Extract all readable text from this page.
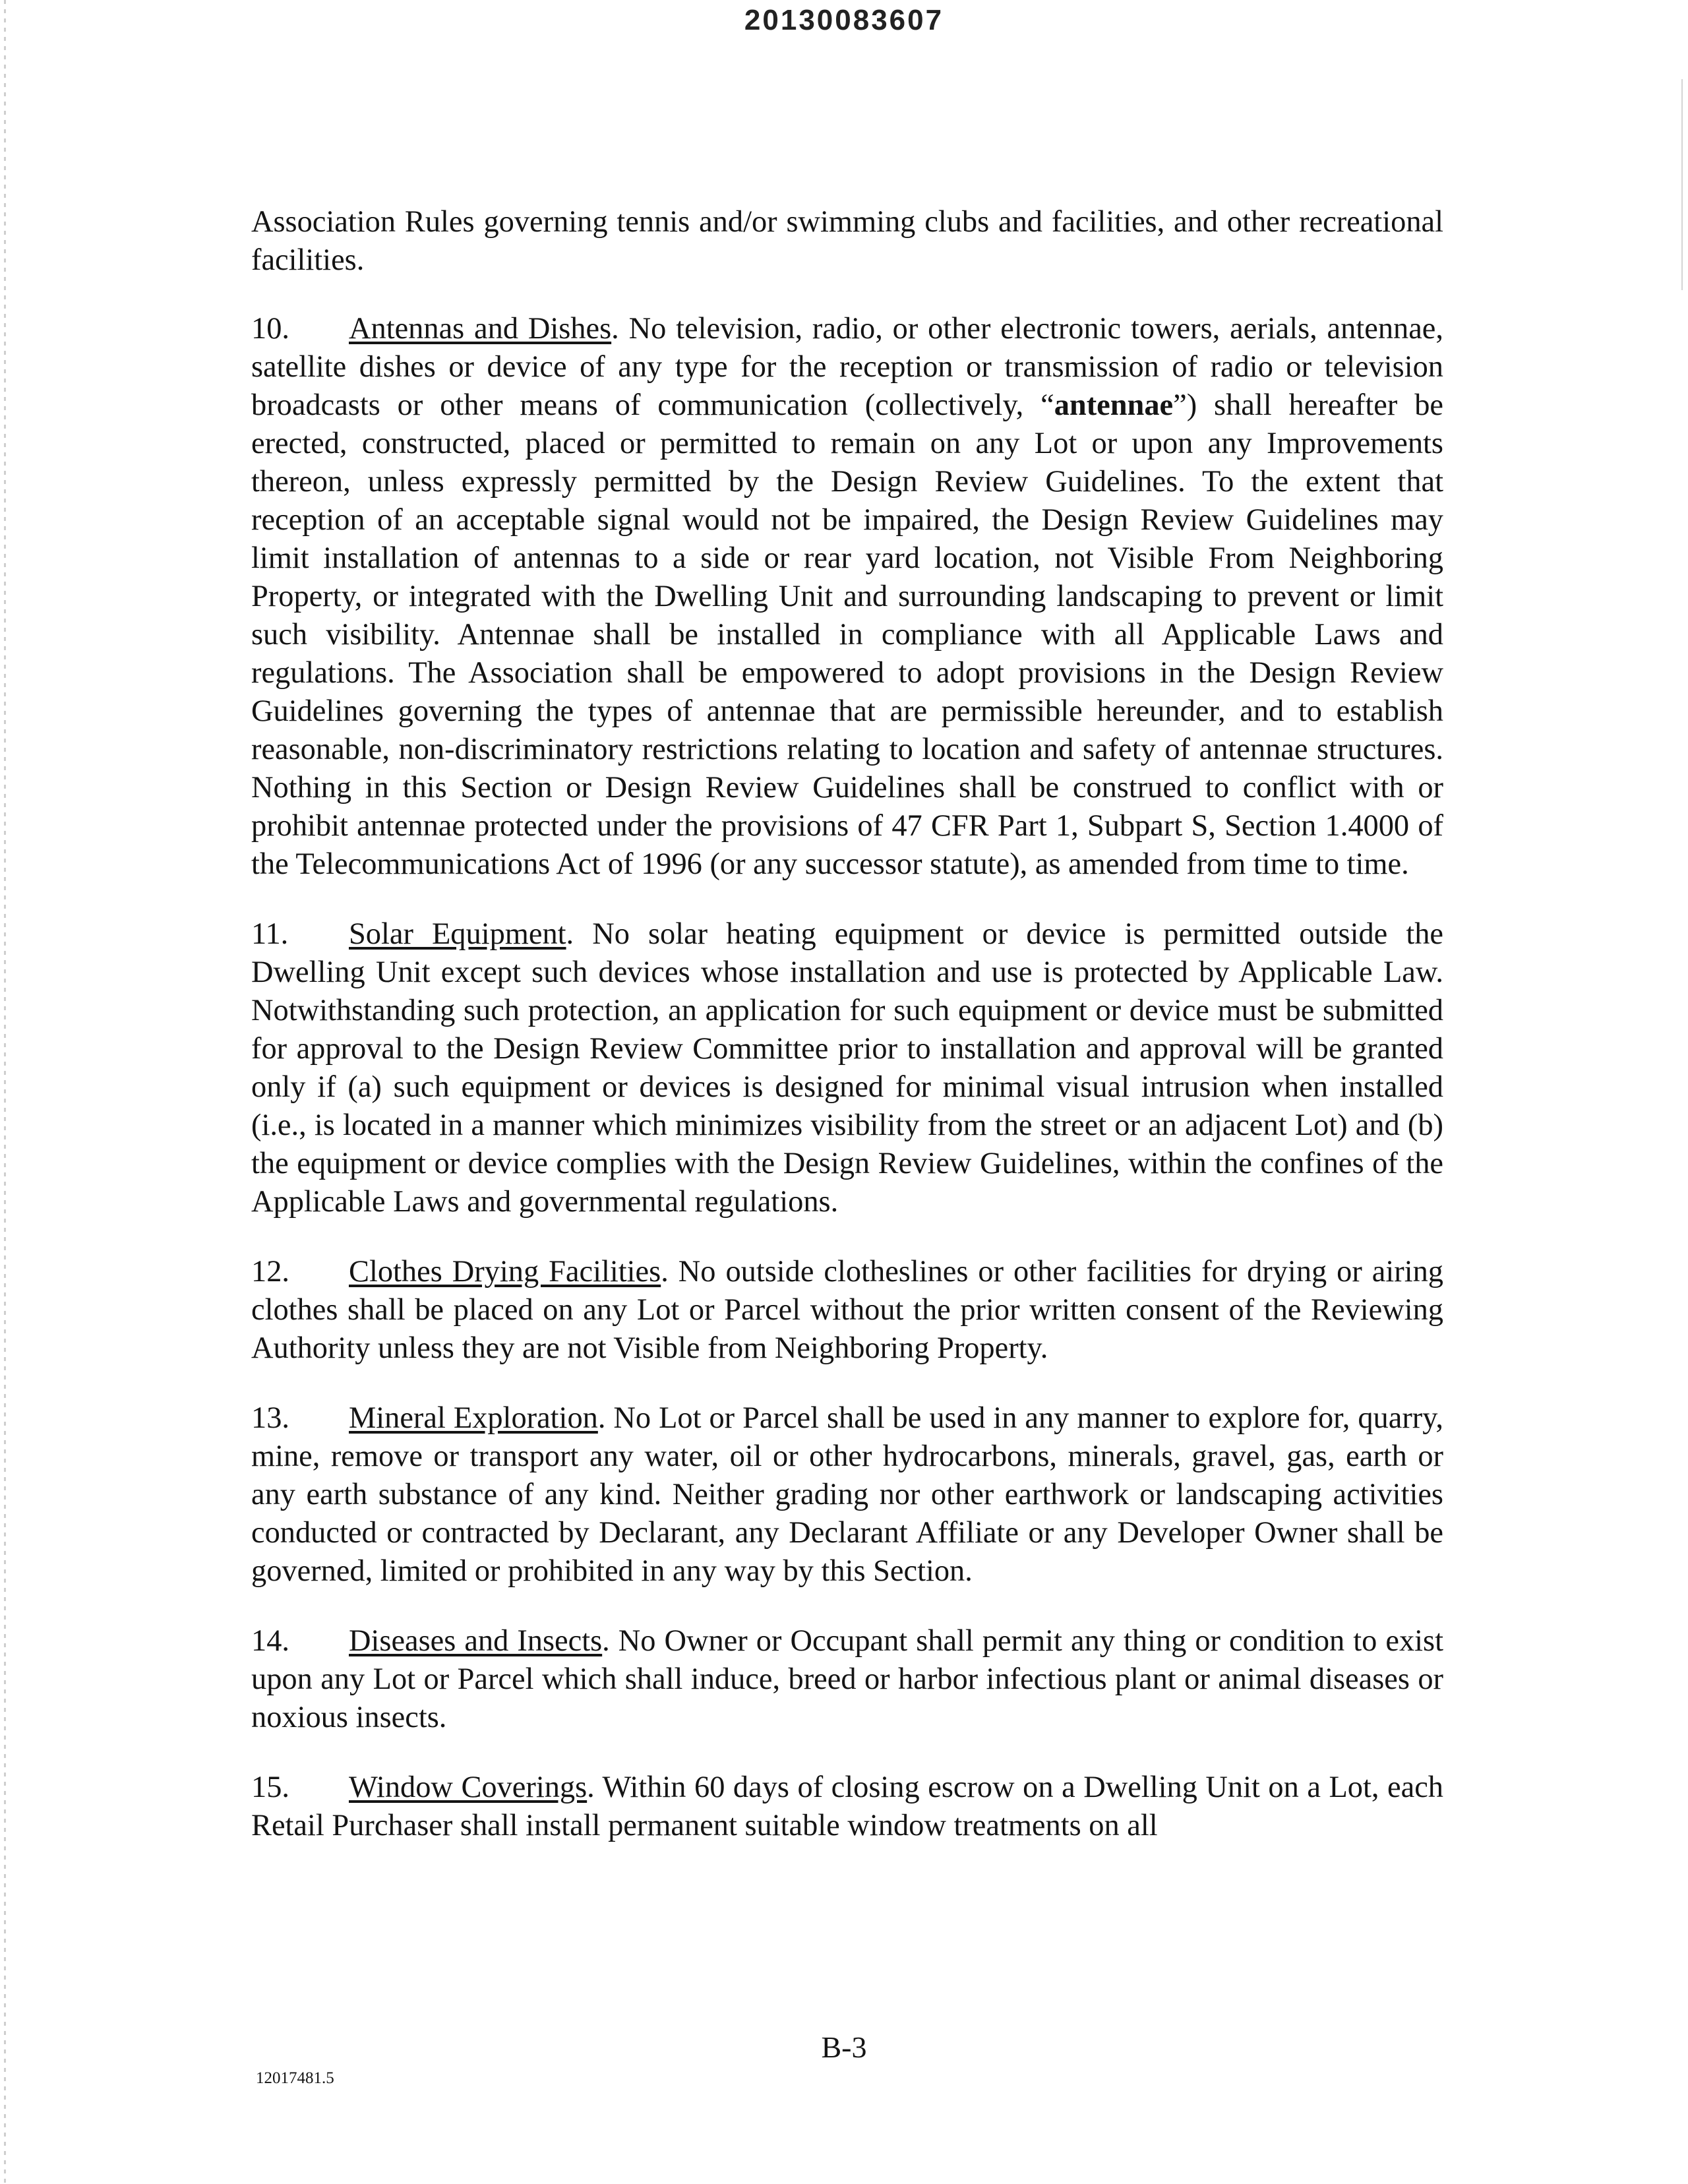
20130083607

Association Rules governing tennis and/or swimming clubs and facilities, and other recreational facilities.

10. Antennas and Dishes. No television, radio, or other electronic towers, aerials, antennae, satellite dishes or device of any type for the reception or transmission of radio or television broadcasts or other means of communication (collectively, “antennae”) shall hereafter be erected, constructed, placed or permitted to remain on any Lot or upon any Improvements thereon, unless expressly permitted by the Design Review Guidelines. To the extent that reception of an acceptable signal would not be impaired, the Design Review Guidelines may limit installation of antennas to a side or rear yard location, not Visible From Neighboring Property, or integrated with the Dwelling Unit and surrounding landscaping to prevent or limit such visibility. Antennae shall be installed in compliance with all Applicable Laws and regulations. The Association shall be empowered to adopt provisions in the Design Review Guidelines governing the types of antennae that are permissible hereunder, and to establish reasonable, non-discriminatory restrictions relating to location and safety of antennae structures. Nothing in this Section or Design Review Guidelines shall be construed to conflict with or prohibit antennae protected under the provisions of 47 CFR Part 1, Subpart S, Section 1.4000 of the Telecommunications Act of 1996 (or any successor statute), as amended from time to time.

11. Solar Equipment. No solar heating equipment or device is permitted outside the Dwelling Unit except such devices whose installation and use is protected by Applicable Law. Notwithstanding such protection, an application for such equipment or device must be submitted for approval to the Design Review Committee prior to installation and approval will be granted only if (a) such equipment or devices is designed for minimal visual intrusion when installed (i.e., is located in a manner which minimizes visibility from the street or an adjacent Lot) and (b) the equipment or device complies with the Design Review Guidelines, within the confines of the Applicable Laws and governmental regulations.

12. Clothes Drying Facilities. No outside clotheslines or other facilities for drying or airing clothes shall be placed on any Lot or Parcel without the prior written consent of the Reviewing Authority unless they are not Visible from Neighboring Property.

13. Mineral Exploration. No Lot or Parcel shall be used in any manner to explore for, quarry, mine, remove or transport any water, oil or other hydrocarbons, minerals, gravel, gas, earth or any earth substance of any kind. Neither grading nor other earthwork or landscaping activities conducted or contracted by Declarant, any Declarant Affiliate or any Developer Owner shall be governed, limited or prohibited in any way by this Section.

14. Diseases and Insects. No Owner or Occupant shall permit any thing or condition to exist upon any Lot or Parcel which shall induce, breed or harbor infectious plant or animal diseases or noxious insects.

15. Window Coverings. Within 60 days of closing escrow on a Dwelling Unit on a Lot, each Retail Purchaser shall install permanent suitable window treatments on all

B-3
12017481.5
